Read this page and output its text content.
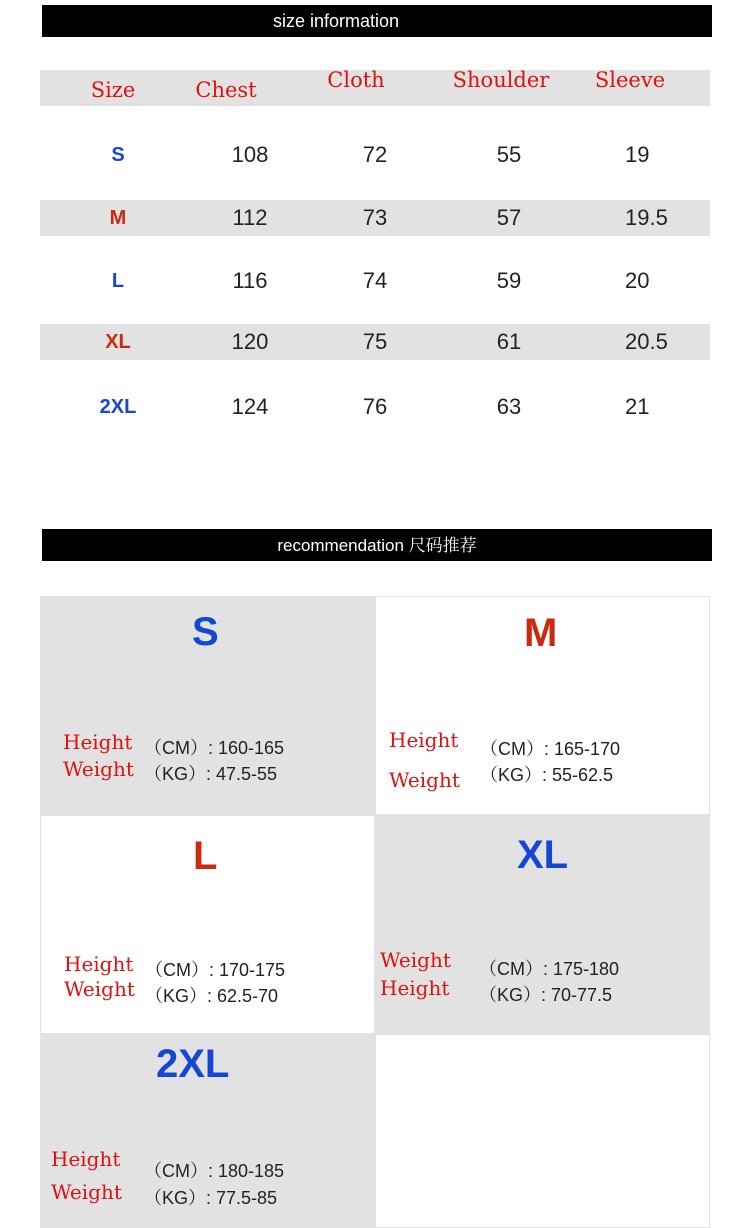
size information
Size	Chest	Cloth	Shoulder	Sleeve
S	108	72	55	19
M	112	73	57	19.5
L	116	74	59	20
XL	120	75	61	20.5
2XL	124	76	63	21
recommendation 尺码推荐
S
Height
Weight
（CM）: 160-165
（KG）: 47.5-55
M
Height
Weight
（CM）: 165-170
（KG）: 55-62.5
L
Height
Weight
（CM）: 170-175
（KG）: 62.5-70
XL
Weight
Height
（CM）: 175-180
（KG）: 70-77.5
2XL
Height
Weight
（CM）: 180-185
（KG）: 77.5-85
